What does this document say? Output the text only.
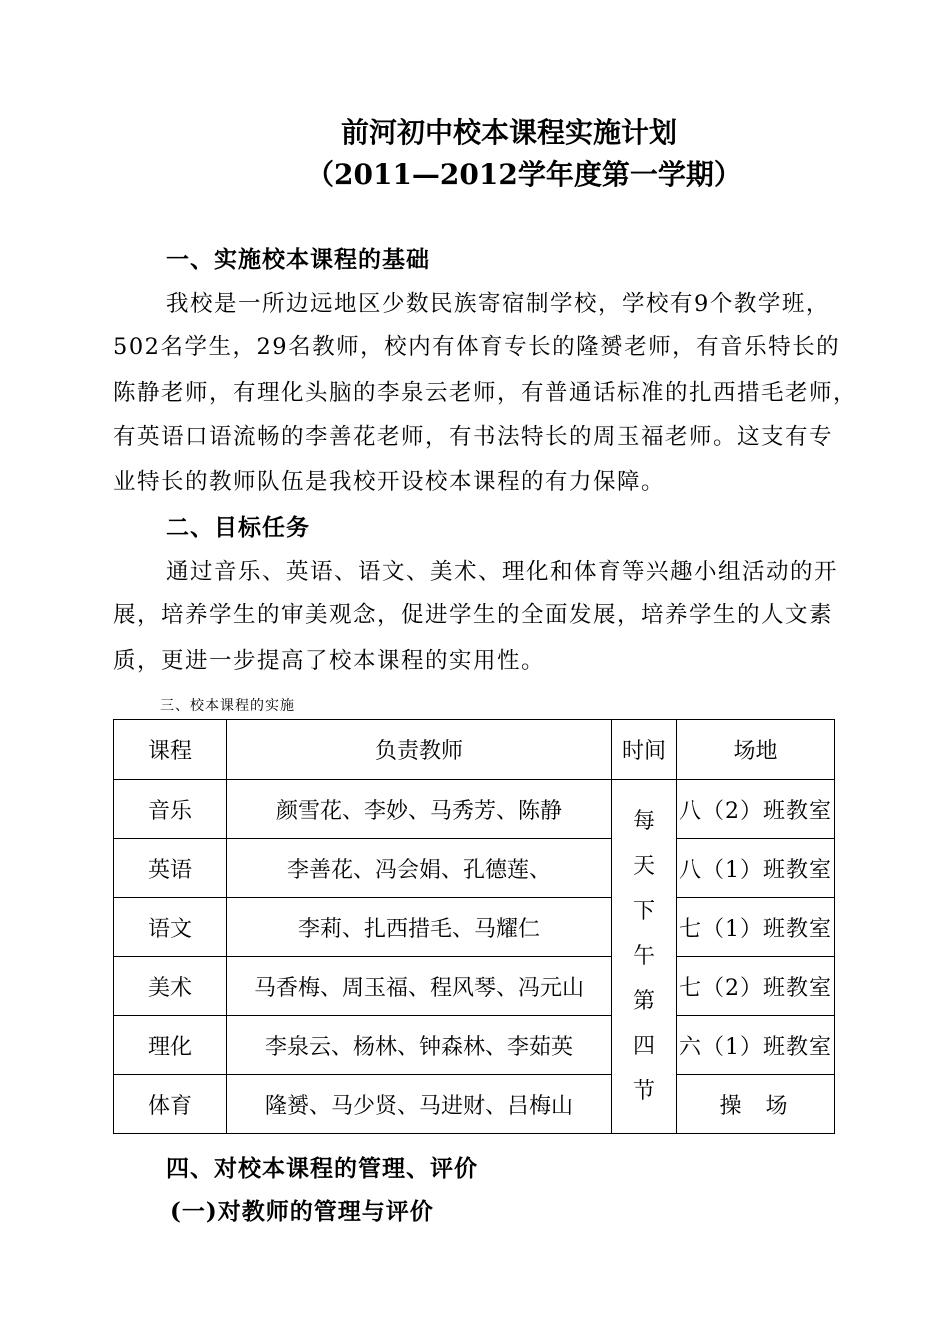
前河初中校本课程实施计划
（2011—2012学年度第一学期）
一、实施校本课程的基础
我校是一所边远地区少数民族寄宿制学校，学校有9个教学班，
502名学生，29名教师，校内有体育专长的隆赟老师，有音乐特长的
陈静老师，有理化头脑的李泉云老师，有普通话标准的扎西措毛老师，
有英语口语流畅的李善花老师，有书法特长的周玉福老师。这支有专
业特长的教师队伍是我校开设校本课程的有力保障。
二、目标任务
通过音乐、英语、语文、美术、理化和体育等兴趣小组活动的开
展，培养学生的审美观念，促进学生的全面发展，培养学生的人文素
质，更进一步提高了校本课程的实用性。
三、校本课程的实施
课程	负责教师	时间	场地
音乐	颜雪花、李妙、马秀芳、陈静	每天下午第四节	八（2）班教室
英语	李善花、冯会娟、孔德莲、		八（1）班教室
语文	李莉、扎西措毛、马耀仁		七（1）班教室
美术	马香梅、周玉福、程风琴、冯元山		七（2）班教室
理化	李泉云、杨林、钟森林、李茹英		六（1）班教室
体育	隆赟、马少贤、马进财、吕梅山		操场
四、对校本课程的管理、评价
(一)对教师的管理与评价
